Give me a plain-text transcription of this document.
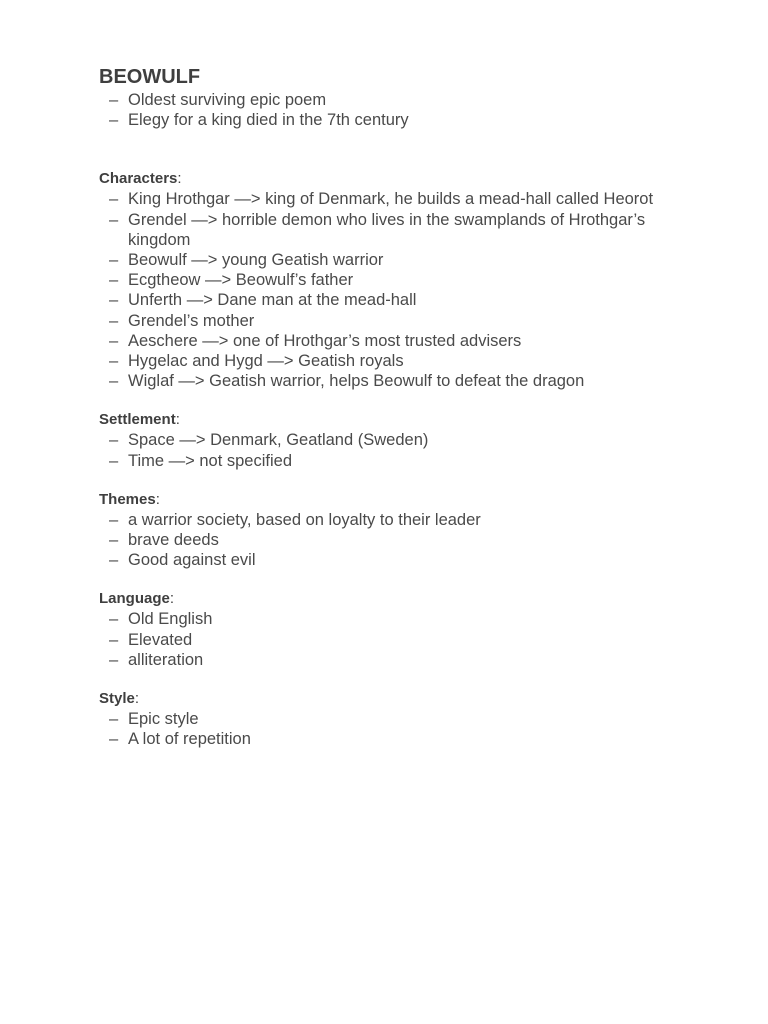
BEOWULF
– Oldest surviving epic poem
– Elegy for a king died in the 7th century

Characters:

– King Hrothgar —> king of Denmark, he builds a mead-hall called Heorot
– Grendel —> horrible demon who lives in the swamplands of Hrothgar’s kingdom
– Beowulf —> young Geatish warrior
– Ecgtheow —> Beowulf’s father
– Unferth —> Dane man at the mead-hall
– Grendel’s mother
– Aeschere —> one of Hrothgar’s most trusted advisers
– Hygelac and Hygd —> Geatish royals
– Wiglaf —> Geatish warrior, helps Beowulf to defeat the dragon

Settlement:

– Space —> Denmark, Geatland (Sweden)
– Time —> not specified

Themes:

– a warrior society, based on loyalty to their leader
– brave deeds
– Good against evil

Language:

– Old English
– Elevated
– alliteration

Style:

– Epic style
– A lot of repetition
